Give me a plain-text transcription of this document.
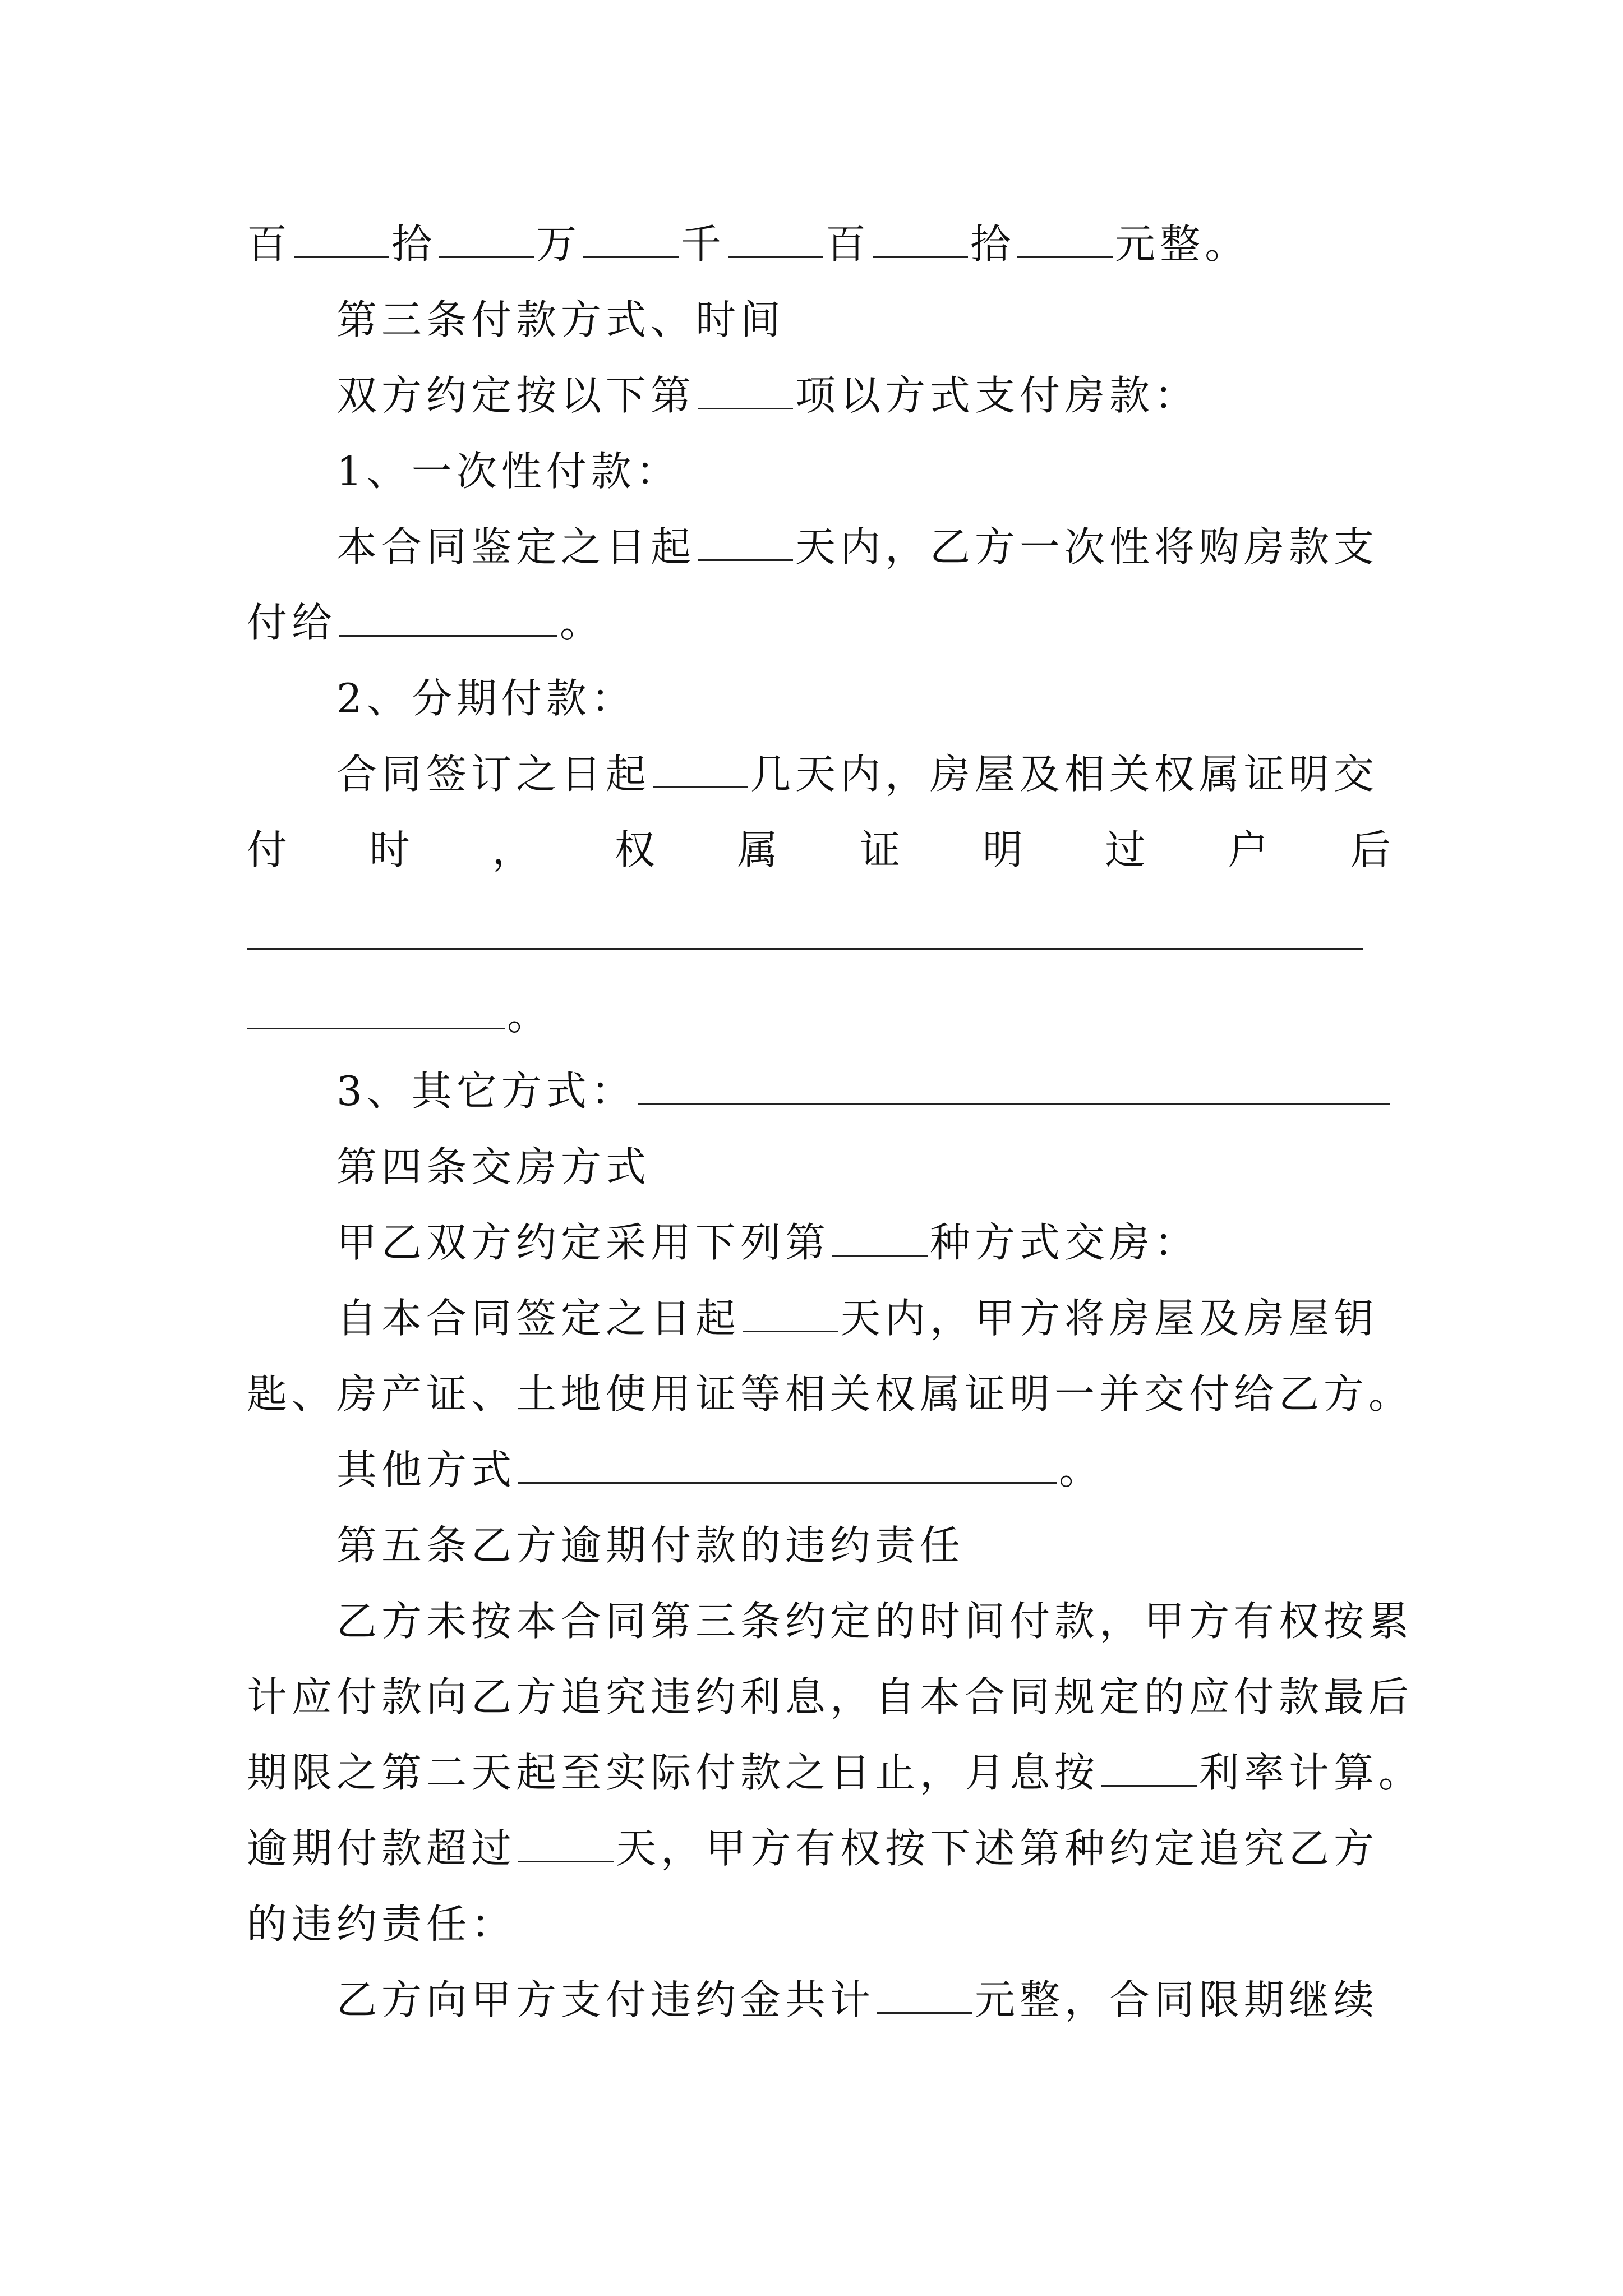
百 拾 万 千 百 拾 元整。
第三条付款方式、时间
双方约定按以下第 项以方式支付房款：
1、一次性付款：
本合同鉴定之日起 天内，乙方一次性将购房款支
付给	。
2、分期付款：
合同签订之日起 几天内，房屋及相关权属证明交
付 时 ， 权 属 证 明 过 户 后
。
3、其它方式：
第四条交房方式
甲乙双方约定采用下列第 种方式交房：
自本合同签定之日起 天内，甲方将房屋及房屋钥
匙、房产证、土地使用证等相关权属证明一并交付给乙方。
其他方式	。
第五条乙方逾期付款的违约责任
乙方未按本合同第三条约定的时间付款，甲方有权按累
计应付款向乙方追究违约利息，自本合同规定的应付款最后
期限之第二天起至实际付款之日止，月息按 利率计算。
逾期付款超过 天，甲方有权按下述第种约定追究乙方
的违约责任：
乙方向甲方支付违约金共计 元整，合同限期继续
